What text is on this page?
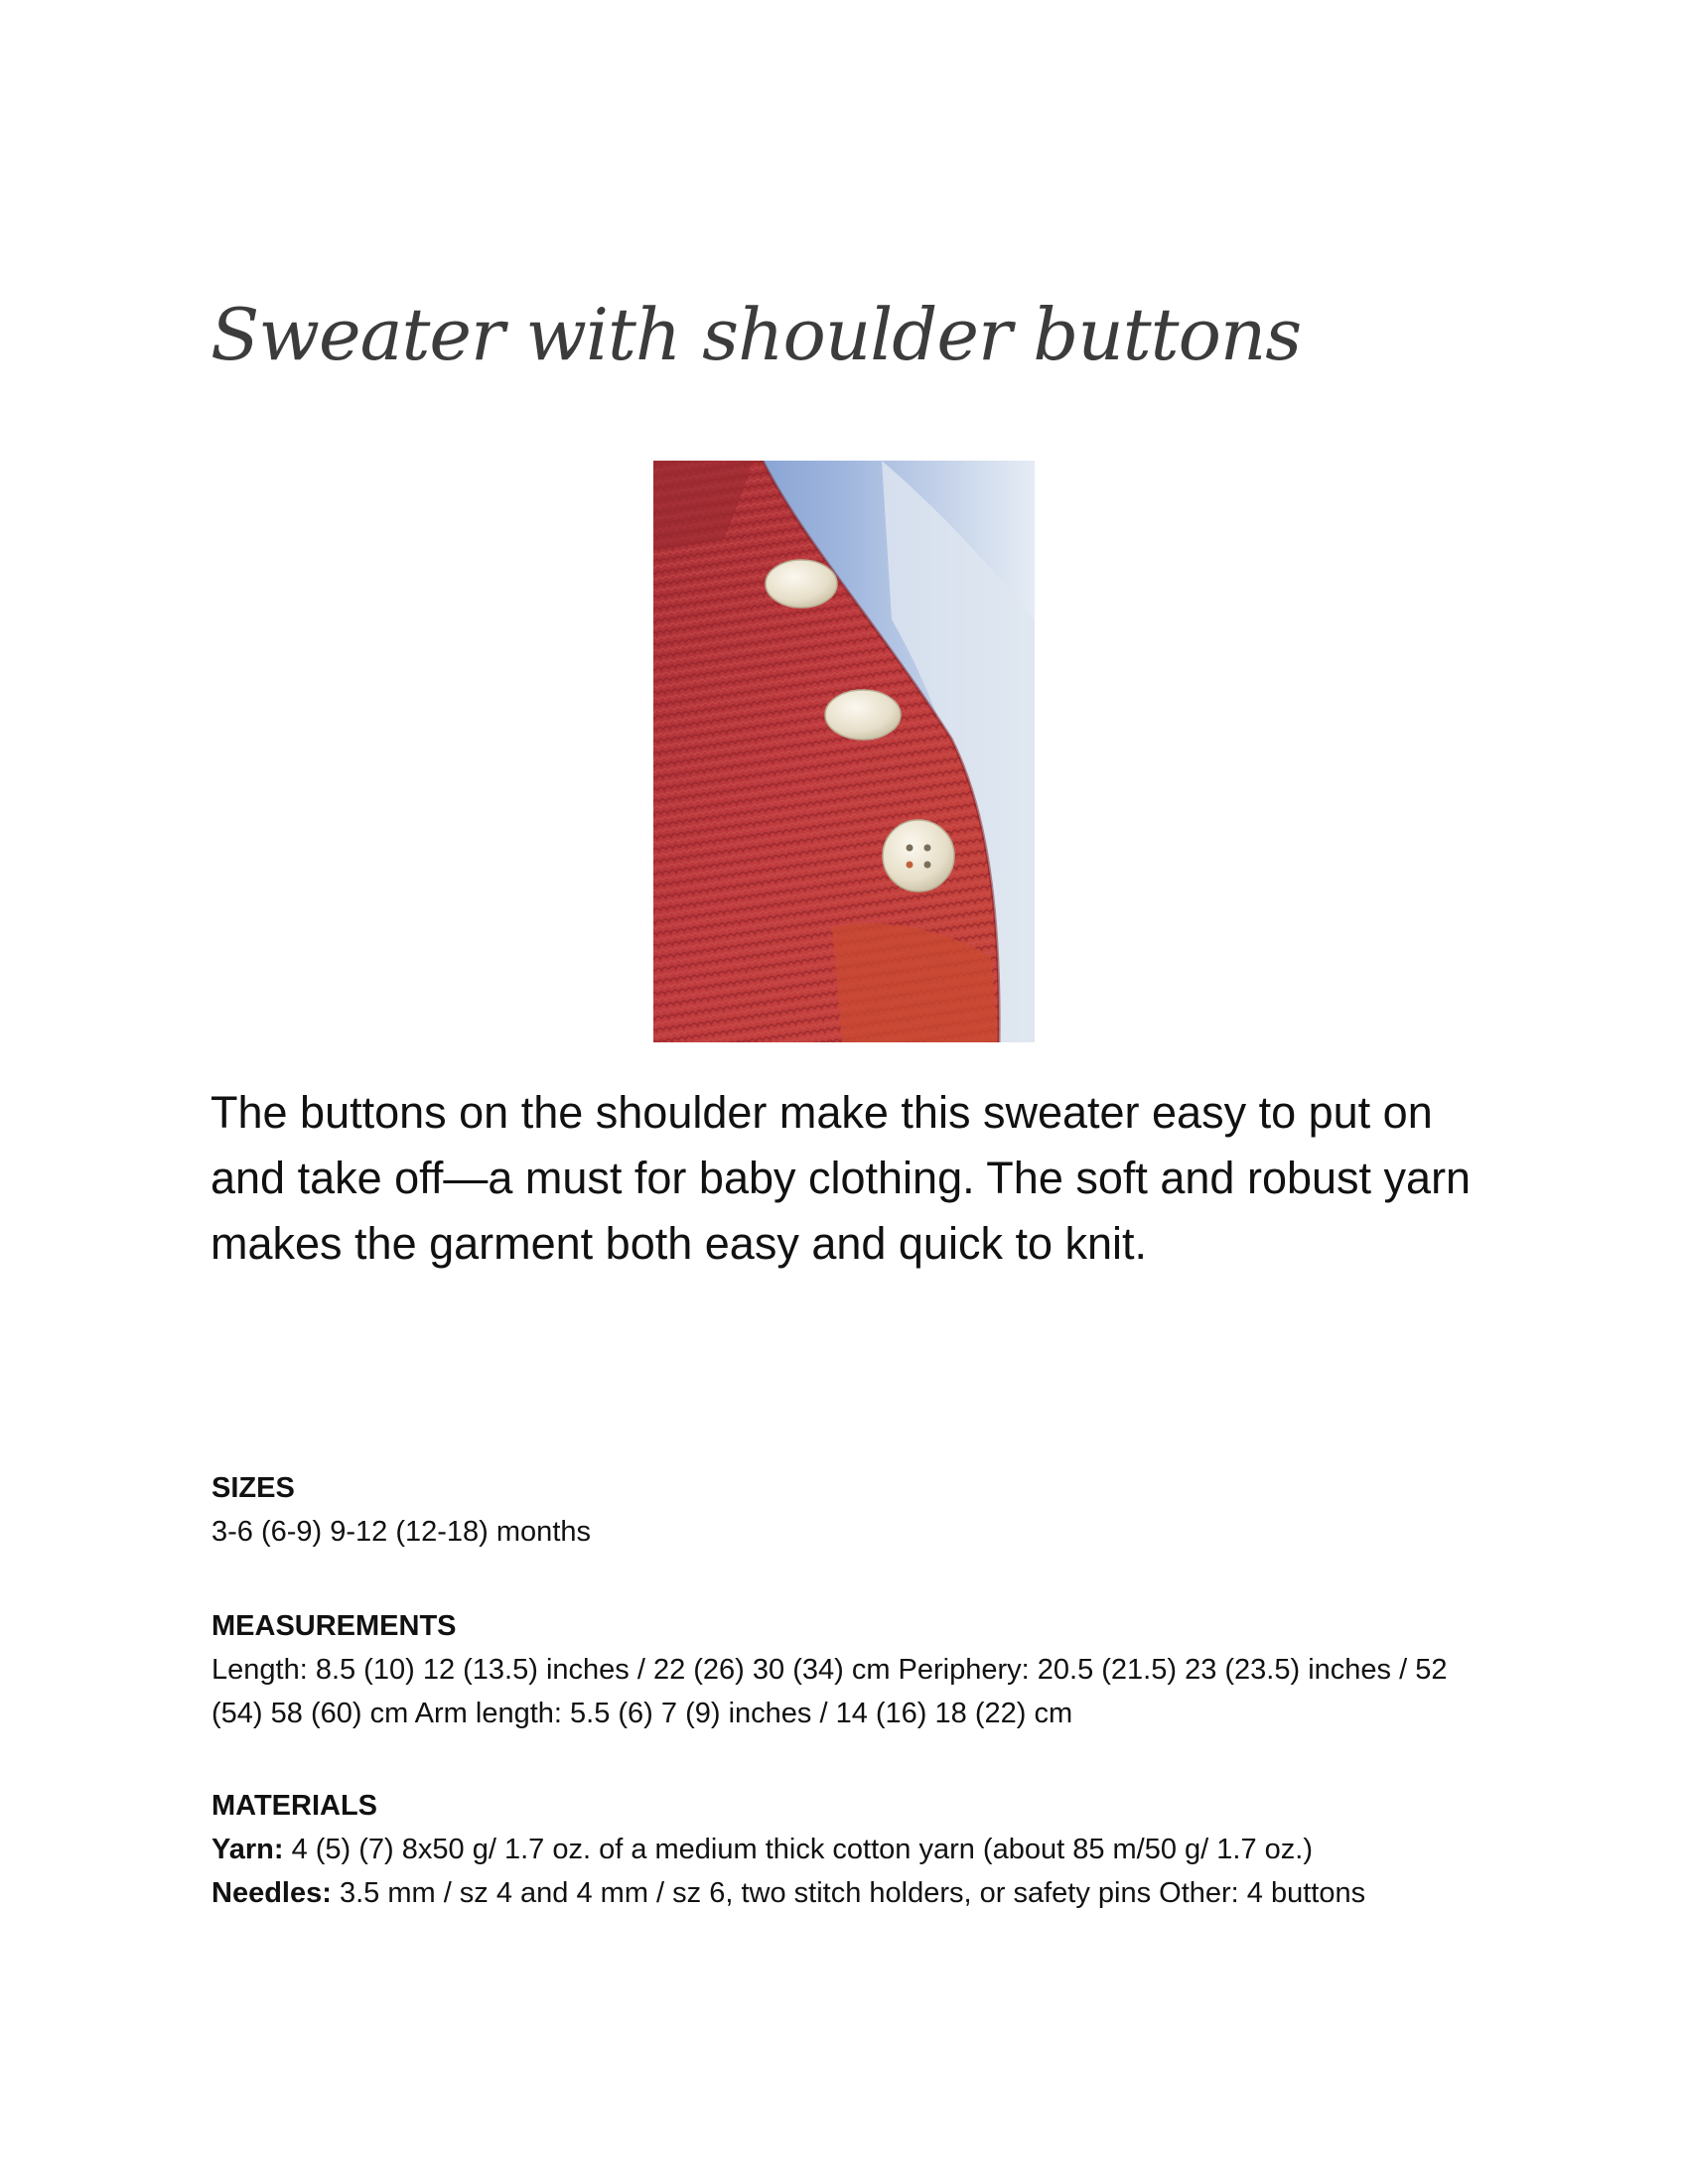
Sweater with shoulder buttons

The buttons on the shoulder make this sweater easy to put on and take off—a must for baby clothing. The soft and robust yarn makes the garment both easy and quick to knit.

SIZES

3-6 (6-9) 9-12 (12-18) months

MEASUREMENTS

Length: 8.5 (10) 12 (13.5) inches / 22 (26) 30 (34) cm Periphery: 20.5 (21.5) 23 (23.5) inches / 52 (54) 58 (60) cm Arm length: 5.5 (6) 7 (9) inches / 14 (16) 18 (22) cm

MATERIALS

Yarn: 4 (5) (7) 8x50 g/ 1.7 oz. of a medium thick cotton yarn (about 85 m/50 g/ 1.7 oz.)

Needles: 3.5 mm / sz 4 and 4 mm / sz 6, two stitch holders, or safety pins Other: 4 buttons
